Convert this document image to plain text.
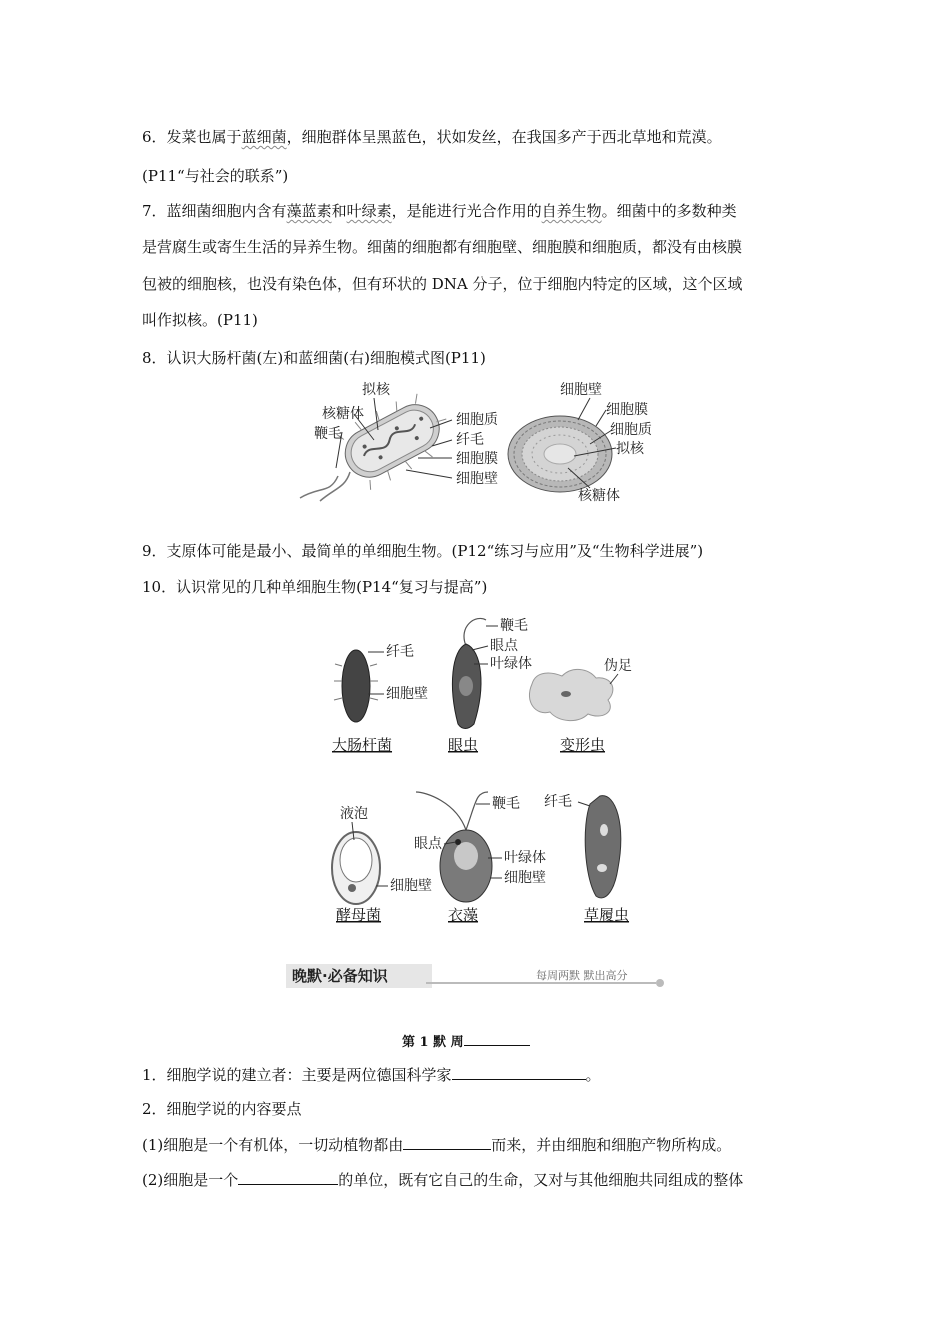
6．发菜也属于蓝细菌，细胞群体呈黑蓝色，状如发丝，在我国多产于西北草地和荒漠。
(P11“与社会的联系”)
7．蓝细菌细胞内含有藻蓝素和叶绿素，是能进行光合作用的自养生物。细菌中的多数种类
是营腐生或寄生生活的异养生物。细菌的细胞都有细胞壁、细胞膜和细胞质，都没有由核膜
包被的细胞核，也没有染色体，但有环状的 DNA 分子，位于细胞内特定的区域，这个区域
叫作拟核。(P11)
8．认识大肠杆菌(左)和蓝细菌(右)细胞模式图(P11)
拟核
核糖体
鞭毛
细胞质
纤毛
细胞膜
细胞壁
细胞壁
细胞膜
细胞质
拟核
核糖体
9．支原体可能是最小、最简单的单细胞生物。(P12“练习与应用”及“生物科学进展”)
10．认识常见的几种单细胞生物(P14“复习与提高”)
纤毛
细胞壁
大肠杆菌
鞭毛
眼点
叶绿体
眼虫
伪足
变形虫
液泡
细胞壁
酵母菌
鞭毛
眼点
叶绿体
细胞壁
衣藻
纤毛
草履虫
晚默·必备知识	每周两默 默出高分
第 1 默 周
1．细胞学说的建立者：主要是两位德国科学家	。
2．细胞学说的内容要点
(1)细胞是一个有机体，一切动植物都由	而来，并由细胞和细胞产物所构成。
(2)细胞是一个	的单位，既有它自己的生命，又对与其他细胞共同组成的整体
